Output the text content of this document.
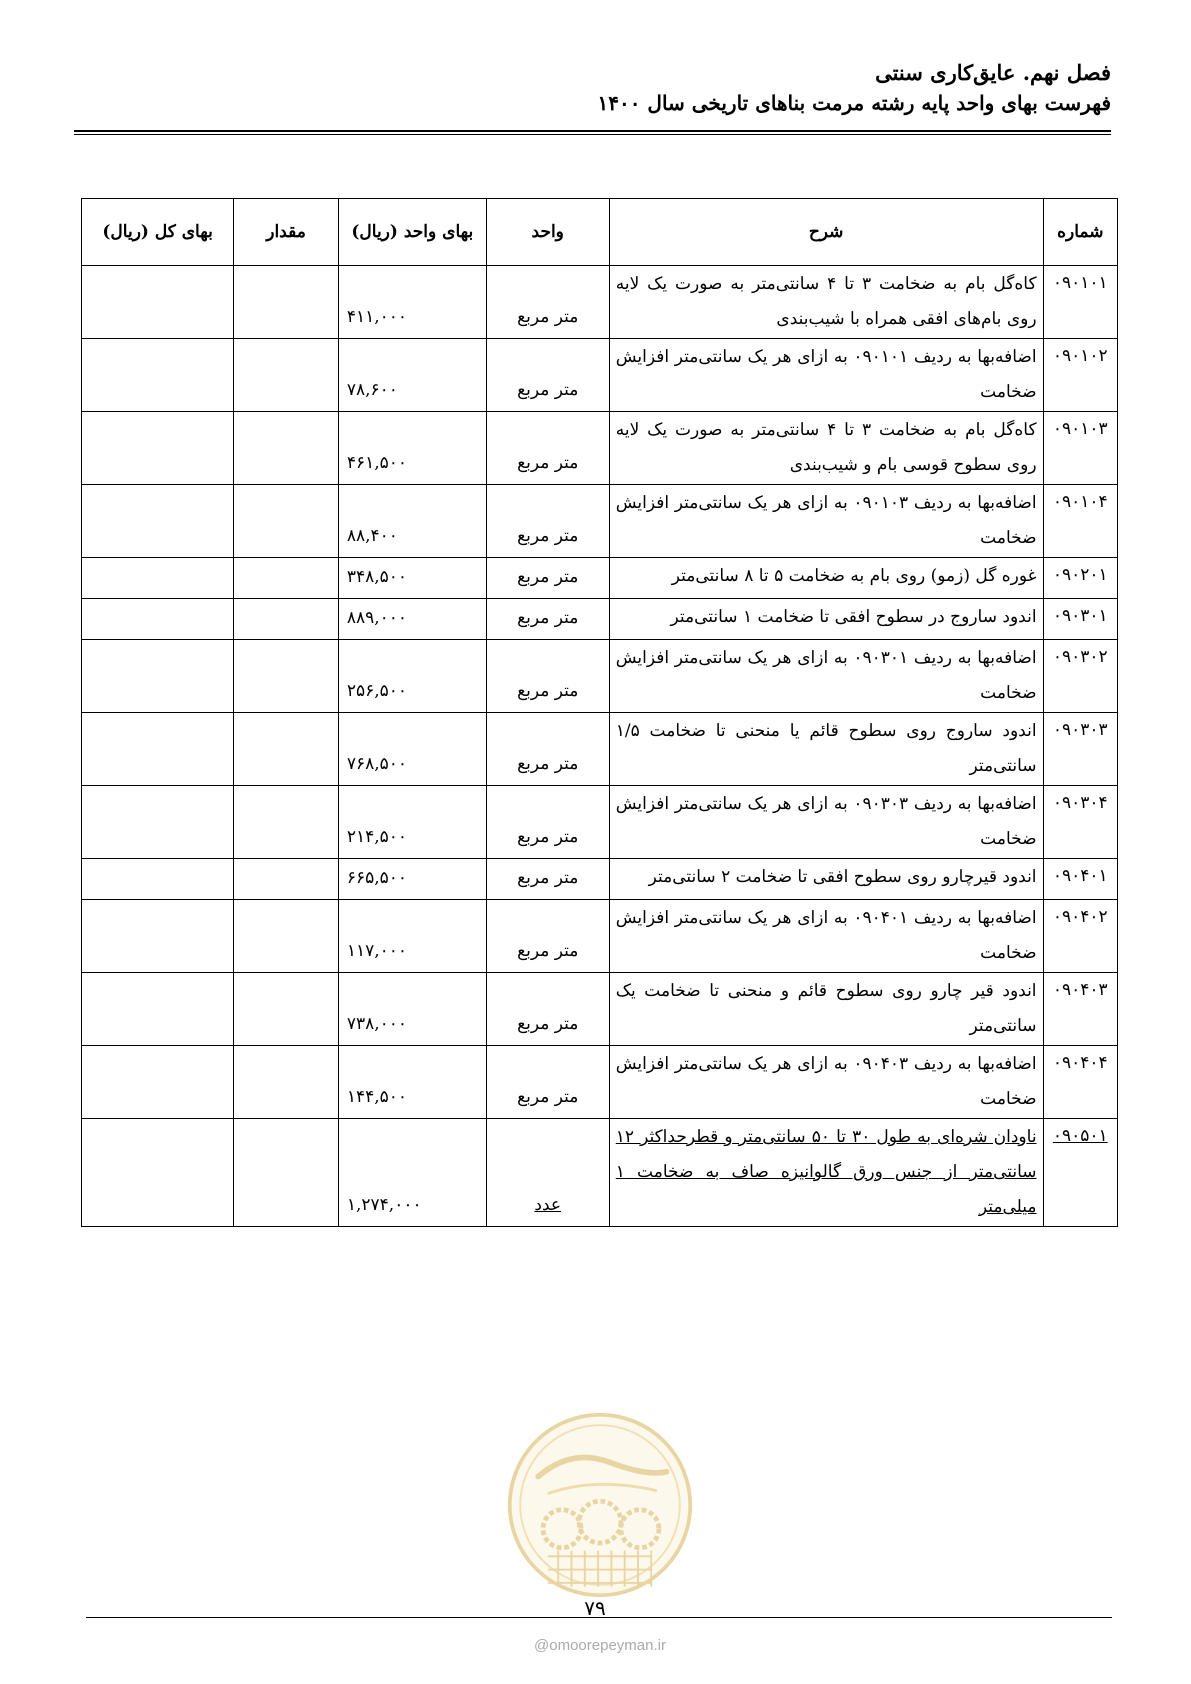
فصل نهم. عایق‌کاری سنتی
فهرست بهای واحد پایه رشته مرمت بناهای تاریخی سال ۱۴۰۰
شماره	شرح	واحد	بهای واحد (ریال)	مقدار	بهای کل (ریال)
۰۹۰۱۰۱	کاه‌گل بام به ضخامت ۳ تا ۴ سانتی‌متر به صورت یک لایه روی بام‌های افقی همراه با شیب‌بندی	متر مربع	۴۱۱,۰۰۰		
۰۹۰۱۰۲	اضافه‌بها به ردیف ۰۹۰۱۰۱ به ازای هر یک سانتی‌متر افزایش ضخامت	متر مربع	۷۸,۶۰۰		
۰۹۰۱۰۳	کاه‌گل بام به ضخامت ۳ تا ۴ سانتی‌متر به صورت یک لایه روی سطوح قوسی بام و شیب‌بندی	متر مربع	۴۶۱,۵۰۰		
۰۹۰۱۰۴	اضافه‌بها به ردیف ۰۹۰۱۰۳ به ازای هر یک سانتی‌متر افزایش ضخامت	متر مربع	۸۸,۴۰۰		
۰۹۰۲۰۱	غوره گل (زمو) روی بام به ضخامت ۵ تا ۸ سانتی‌متر	متر مربع	۳۴۸,۵۰۰		
۰۹۰۳۰۱	اندود ساروج در سطوح افقی تا ضخامت ۱ سانتی‌متر	متر مربع	۸۸۹,۰۰۰		
۰۹۰۳۰۲	اضافه‌بها به ردیف ۰۹۰۳۰۱ به ازای هر یک سانتی‌متر افزایش ضخامت	متر مربع	۲۵۶,۵۰۰		
۰۹۰۳۰۳	اندود ساروج روی سطوح قائم یا منحنی تا ضخامت ۱/۵ سانتی‌متر	متر مربع	۷۶۸,۵۰۰		
۰۹۰۳۰۴	اضافه‌بها به ردیف ۰۹۰۳۰۳ به ازای هر یک سانتی‌متر افزایش ضخامت	متر مربع	۲۱۴,۵۰۰		
۰۹۰۴۰۱	اندود قیرچارو روی سطوح افقی تا ضخامت ۲ سانتی‌متر	متر مربع	۶۶۵,۵۰۰		
۰۹۰۴۰۲	اضافه‌بها به ردیف ۰۹۰۴۰۱ به ازای هر یک سانتی‌متر افزایش ضخامت	متر مربع	۱۱۷,۰۰۰		
۰۹۰۴۰۳	اندود قیر چارو روی سطوح قائم و منحنی تا ضخامت یک سانتی‌متر	متر مربع	۷۳۸,۰۰۰		
۰۹۰۴۰۴	اضافه‌بها به ردیف ۰۹۰۴۰۳ به ازای هر یک سانتی‌متر افزایش ضخامت	متر مربع	۱۴۴,۵۰۰		
۰۹۰۵۰۱	ناودان شره‌ای به طول ۳۰ تا ۵۰ سانتی‌متر و قطرحداکثر ۱۲ سانتی‌متر از جنس ورق گالوانیزه صاف به ضخامت ۱ میلی‌متر	عدد	۱,۲۷۴,۰۰۰		
۷۹
@omoorepeyman.ir
